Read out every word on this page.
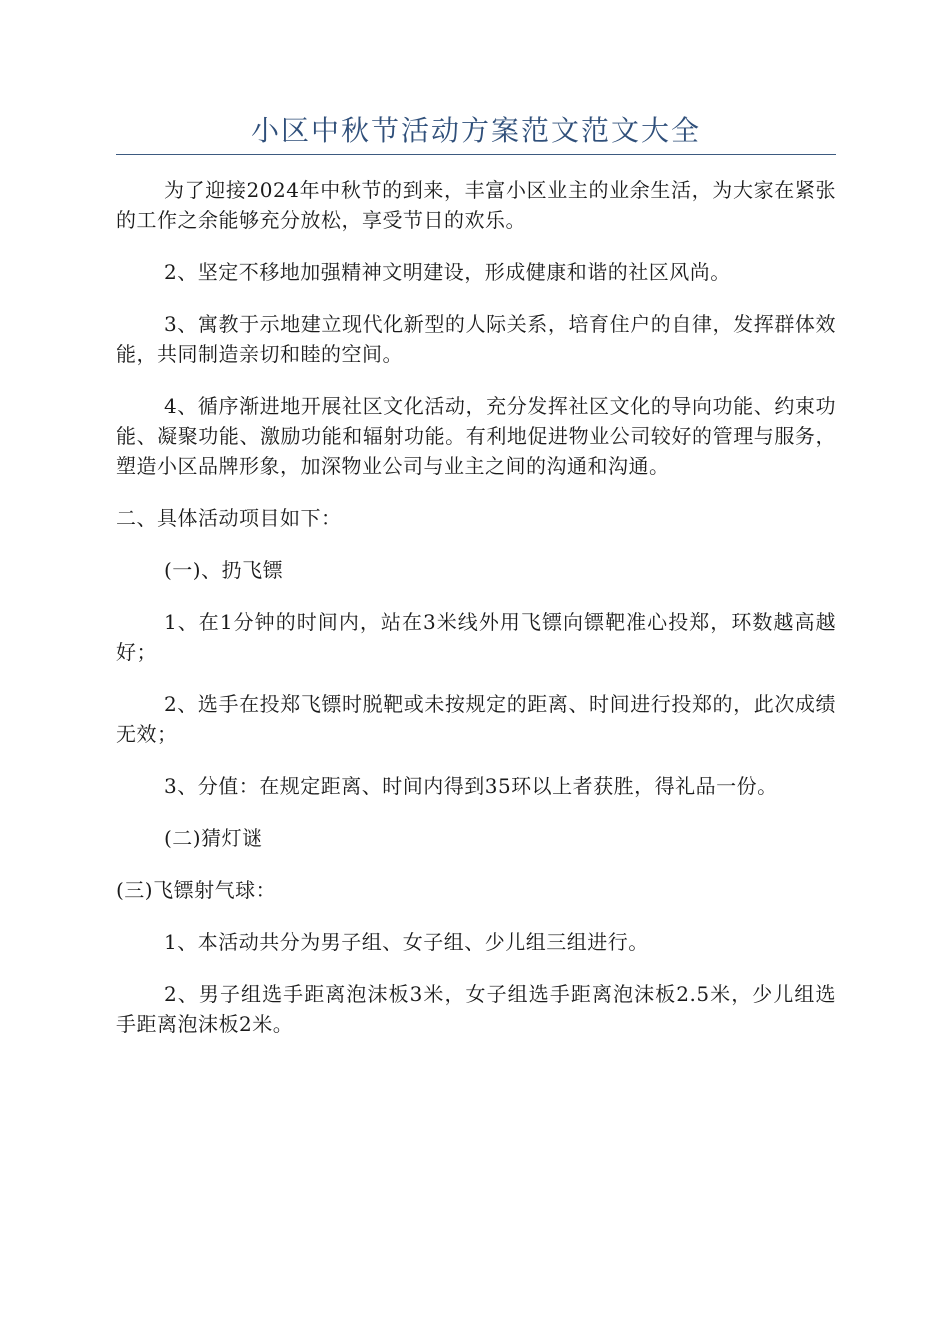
小区中秋节活动方案范文范文大全

为了迎接2024年中秋节的到来，丰富小区业主的业余生活，为大家在紧张的工作之余能够充分放松，享受节日的欢乐。

2、坚定不移地加强精神文明建设，形成健康和谐的社区风尚。

3、寓教于示地建立现代化新型的人际关系，培育住户的自律，发挥群体效能，共同制造亲切和睦的空间。

4、循序渐进地开展社区文化活动，充分发挥社区文化的导向功能、约束功能、凝聚功能、激励功能和辐射功能。有利地促进物业公司较好的管理与服务，塑造小区品牌形象，加深物业公司与业主之间的沟通和沟通。

二、具体活动项目如下：

(一)、扔飞镖

1、在1分钟的时间内，站在3米线外用飞镖向镖靶准心投郑，环数越高越好；

2、选手在投郑飞镖时脱靶或未按规定的距离、时间进行投郑的，此次成绩无效；

3、分值：在规定距离、时间内得到35环以上者获胜，得礼品一份。

(二)猜灯谜

(三)飞镖射气球：

1、本活动共分为男子组、女子组、少儿组三组进行。

2、男子组选手距离泡沫板3米，女子组选手距离泡沫板2.5米，少儿组选手距离泡沫板2米。
